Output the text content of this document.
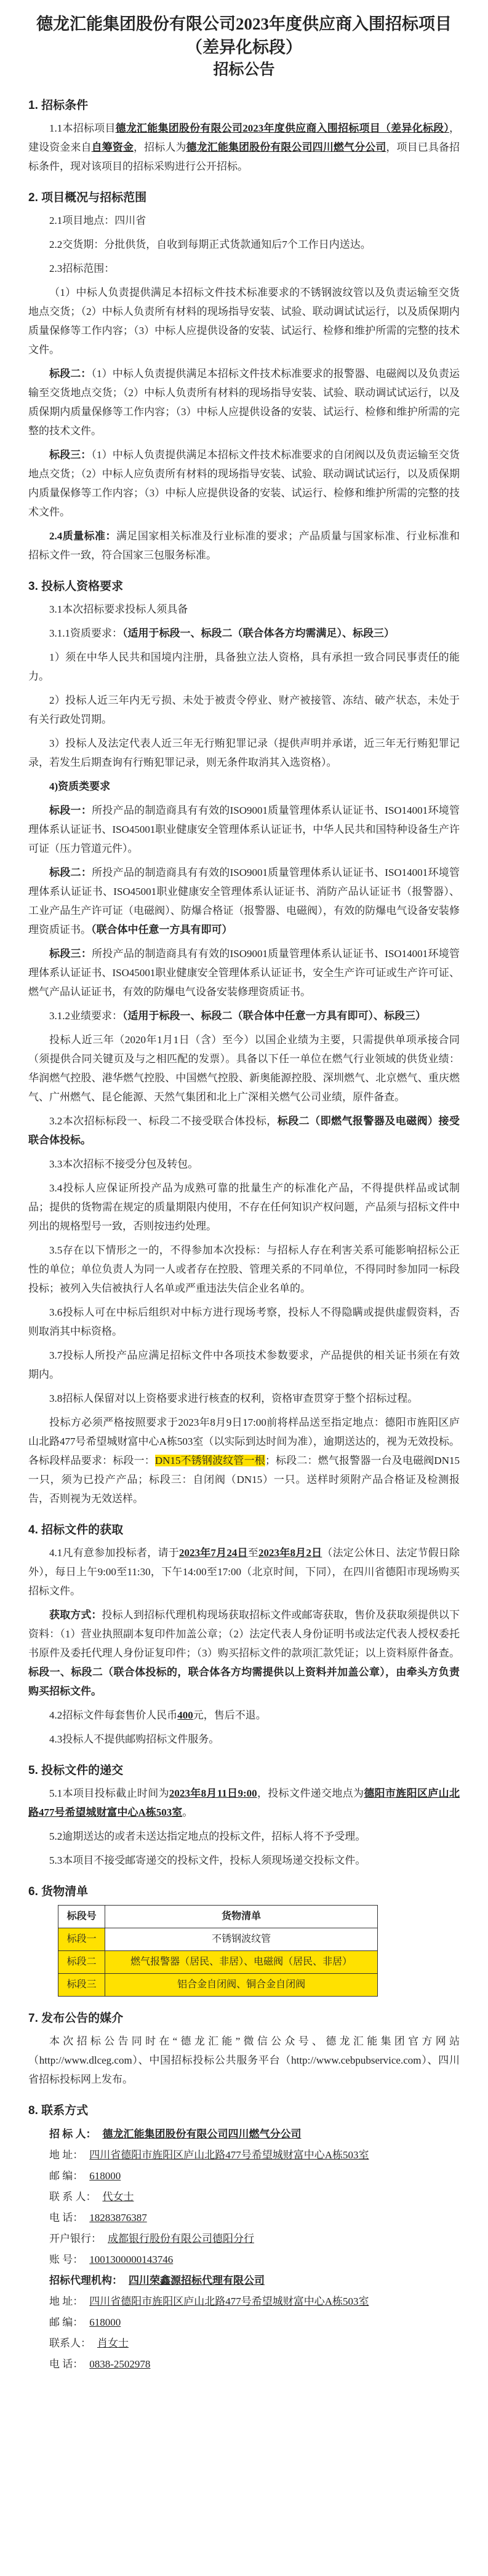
德龙汇能集团股份有限公司2023年度供应商入围招标项目
（差异化标段）
招标公告
1. 招标条件

1.1本招标项目德龙汇能集团股份有限公司2023年度供应商入围招标项目（差异化标段），建设资金来自自筹资金，招标人为德龙汇能集团股份有限公司四川燃气分公司，项目已具备招标条件，现对该项目的招标采购进行公开招标。

2. 项目概况与招标范围

2.1项目地点：四川省

2.2交货期：分批供货，自收到每期正式货款通知后7个工作日内送达。

2.3招标范围：

（1）中标人负责提供满足本招标文件技术标准要求的不锈钢波纹管以及负责运输至交货地点交货；（2）中标人负责所有材料的现场指导安装、试验、联动调试试运行，以及质保期内质量保修等工作内容；（3）中标人应提供设备的安装、试运行、检修和维护所需的完整的技术文件。

标段二：（1）中标人负责提供满足本招标文件技术标准要求的报警器、电磁阀以及负责运输至交货地点交货；（2）中标人负责所有材料的现场指导安装、试验、联动调试试运行，以及质保期内质量保修等工作内容；（3）中标人应提供设备的安装、试运行、检修和维护所需的完整的技术文件。

标段三：（1）中标人负责提供满足本招标文件技术标准要求的自闭阀以及负责运输至交货地点交货；（2）中标人应负责所有材料的现场指导安装、试验、联动调试试运行，以及质保期内质量保修等工作内容；（3）中标人应提供设备的安装、试运行、检修和维护所需的完整的技术文件。

2.4质量标准：满足国家相关标准及行业标准的要求；产品质量与国家标准、行业标准和招标文件一致，符合国家三包服务标准。

3. 投标人资格要求

3.1本次招标要求投标人须具备

3.1.1资质要求：（适用于标段一、标段二（联合体各方均需满足）、标段三）

1）须在中华人民共和国境内注册，具备独立法人资格，具有承担一致合同民事责任的能力。

2）投标人近三年内无亏损、未处于被责令停业、财产被接管、冻结、破产状态，未处于有关行政处罚期。

3）投标人及法定代表人近三年无行贿犯罪记录（提供声明并承诺，近三年无行贿犯罪记录，若发生后期查询有行贿犯罪记录，则无条件取消其入选资格）。

4)资质类要求

标段一：所投产品的制造商具有有效的ISO9001质量管理体系认证证书、ISO14001环境管理体系认证证书、ISO45001职业健康安全管理体系认证证书，中华人民共和国特种设备生产许可证（压力管道元件）。

标段二：所投产品的制造商具有有效的ISO9001质量管理体系认证证书、ISO14001环境管理体系认证证书、ISO45001职业健康安全管理体系认证证书、消防产品认证证书（报警器）、工业产品生产许可证（电磁阀）、防爆合格证（报警器、电磁阀），有效的防爆电气设备安装修理资质证书。（联合体中任意一方具有即可）

标段三：所投产品的制造商具有有效的ISO9001质量管理体系认证证书、ISO14001环境管理体系认证证书、ISO45001职业健康安全管理体系认证证书，安全生产许可证或生产许可证、燃气产品认证证书，有效的防爆电气设备安装修理资质证书。

3.1.2业绩要求：（适用于标段一、标段二（联合体中任意一方具有即可）、标段三）

投标人近三年（2020年1月1日（含）至今）以国企业绩为主要，只需提供单项承接合同（须提供合同关键页及与之相匹配的发票）。具备以下任一单位在燃气行业领域的供货业绩：华润燃气控股、港华燃气控股、中国燃气控股、新奥能源控股、深圳燃气、北京燃气、重庆燃气、广州燃气、昆仑能源、天然气集团和北上广深相关燃气公司业绩，原件备查。

3.2本次招标标段一、标段二不接受联合体投标，标段二（即燃气报警器及电磁阀）接受联合体投标。

3.3本次招标不接受分包及转包。

3.4投标人应保证所投产品为成熟可靠的批量生产的标准化产品，不得提供样品或试制品；提供的货物需在规定的质量期限内使用，不存在任何知识产权问题，产品须与招标文件中列出的规格型号一致，否则按违约处理。

3.5存在以下情形之一的，不得参加本次投标：与招标人存在利害关系可能影响招标公正性的单位；单位负责人为同一人或者存在控股、管理关系的不同单位，不得同时参加同一标段投标；被列入失信被执行人名单或严重违法失信企业名单的。

3.6投标人可在中标后组织对中标方进行现场考察，投标人不得隐瞒或提供虚假资料，否则取消其中标资格。

3.7投标人所投产品应满足招标文件中各项技术参数要求，产品提供的相关证书须在有效期内。

3.8招标人保留对以上资格要求进行核查的权利，资格审查贯穿于整个招标过程。

投标方必须严格按照要求于2023年8月9日17:00前将样品送至指定地点：德阳市旌阳区庐山北路477号希望城财富中心A栋503室（以实际到达时间为准），逾期送达的，视为无效投标。各标段样品要求：标段一：DN15不锈钢波纹管一根；标段二：燃气报警器一台及电磁阀DN15一只，须为已投产产品；标段三：自闭阀（DN15）一只。送样时须附产品合格证及检测报告，否则视为无效送样。

4. 招标文件的获取

4.1凡有意参加投标者，请于2023年7月24日至2023年8月2日（法定公休日、法定节假日除外），每日上午9:00至11:30，下午14:00至17:00（北京时间，下同），在四川省德阳市现场购买招标文件。

获取方式：投标人到招标代理机构现场获取招标文件或邮寄获取，售价及获取须提供以下资料：（1）营业执照副本复印件加盖公章；（2）法定代表人身份证明书或法定代表人授权委托书原件及委托代理人身份证复印件；（3）购买招标文件的款项汇款凭证；以上资料原件备查。标段一、标段二（联合体投标的，联合体各方均需提供以上资料并加盖公章），由牵头方负责购买招标文件。

4.2招标文件每套售价人民币400元，售后不退。

4.3投标人不提供邮购招标文件服务。

5. 投标文件的递交

5.1本项目投标截止时间为2023年8月11日9:00，投标文件递交地点为德阳市旌阳区庐山北路477号希望城财富中心A栋503室。

5.2逾期送达的或者未送达指定地点的投标文件，招标人将不予受理。

5.3本项目不接受邮寄递交的投标文件，投标人须现场递交投标文件。

6. 货物清单
标段号	货物清单
标段一	不锈钢波纹管
标段二	燃气报警器（居民、非居）、电磁阀（居民、非居）
标段三	铝合金自闭阀、铜合金自闭阀
7. 发布公告的媒介

本次招标公告同时在“德龙汇能”微信公众号、德龙汇能集团官方网站（http://www.dlceg.com）、中国招标投标公共服务平台（http://www.cebpubservice.com）、四川省招标投标网上发布。

8. 联系方式
招 标 人： 德龙汇能集团股份有限公司四川燃气分公司
地 址： 四川省德阳市旌阳区庐山北路477号希望城财富中心A栋503室
邮 编： 618000
联 系 人： 代女士
电 话： 18283876387
开户银行： 成都银行股份有限公司德阳分行
账 号： 1001300000143746
招标代理机构： 四川荣鑫源招标代理有限公司
地 址： 四川省德阳市旌阳区庐山北路477号希望城财富中心A栋503室
邮 编： 618000
联系人： 肖女士
电 话： 0838-2502978
